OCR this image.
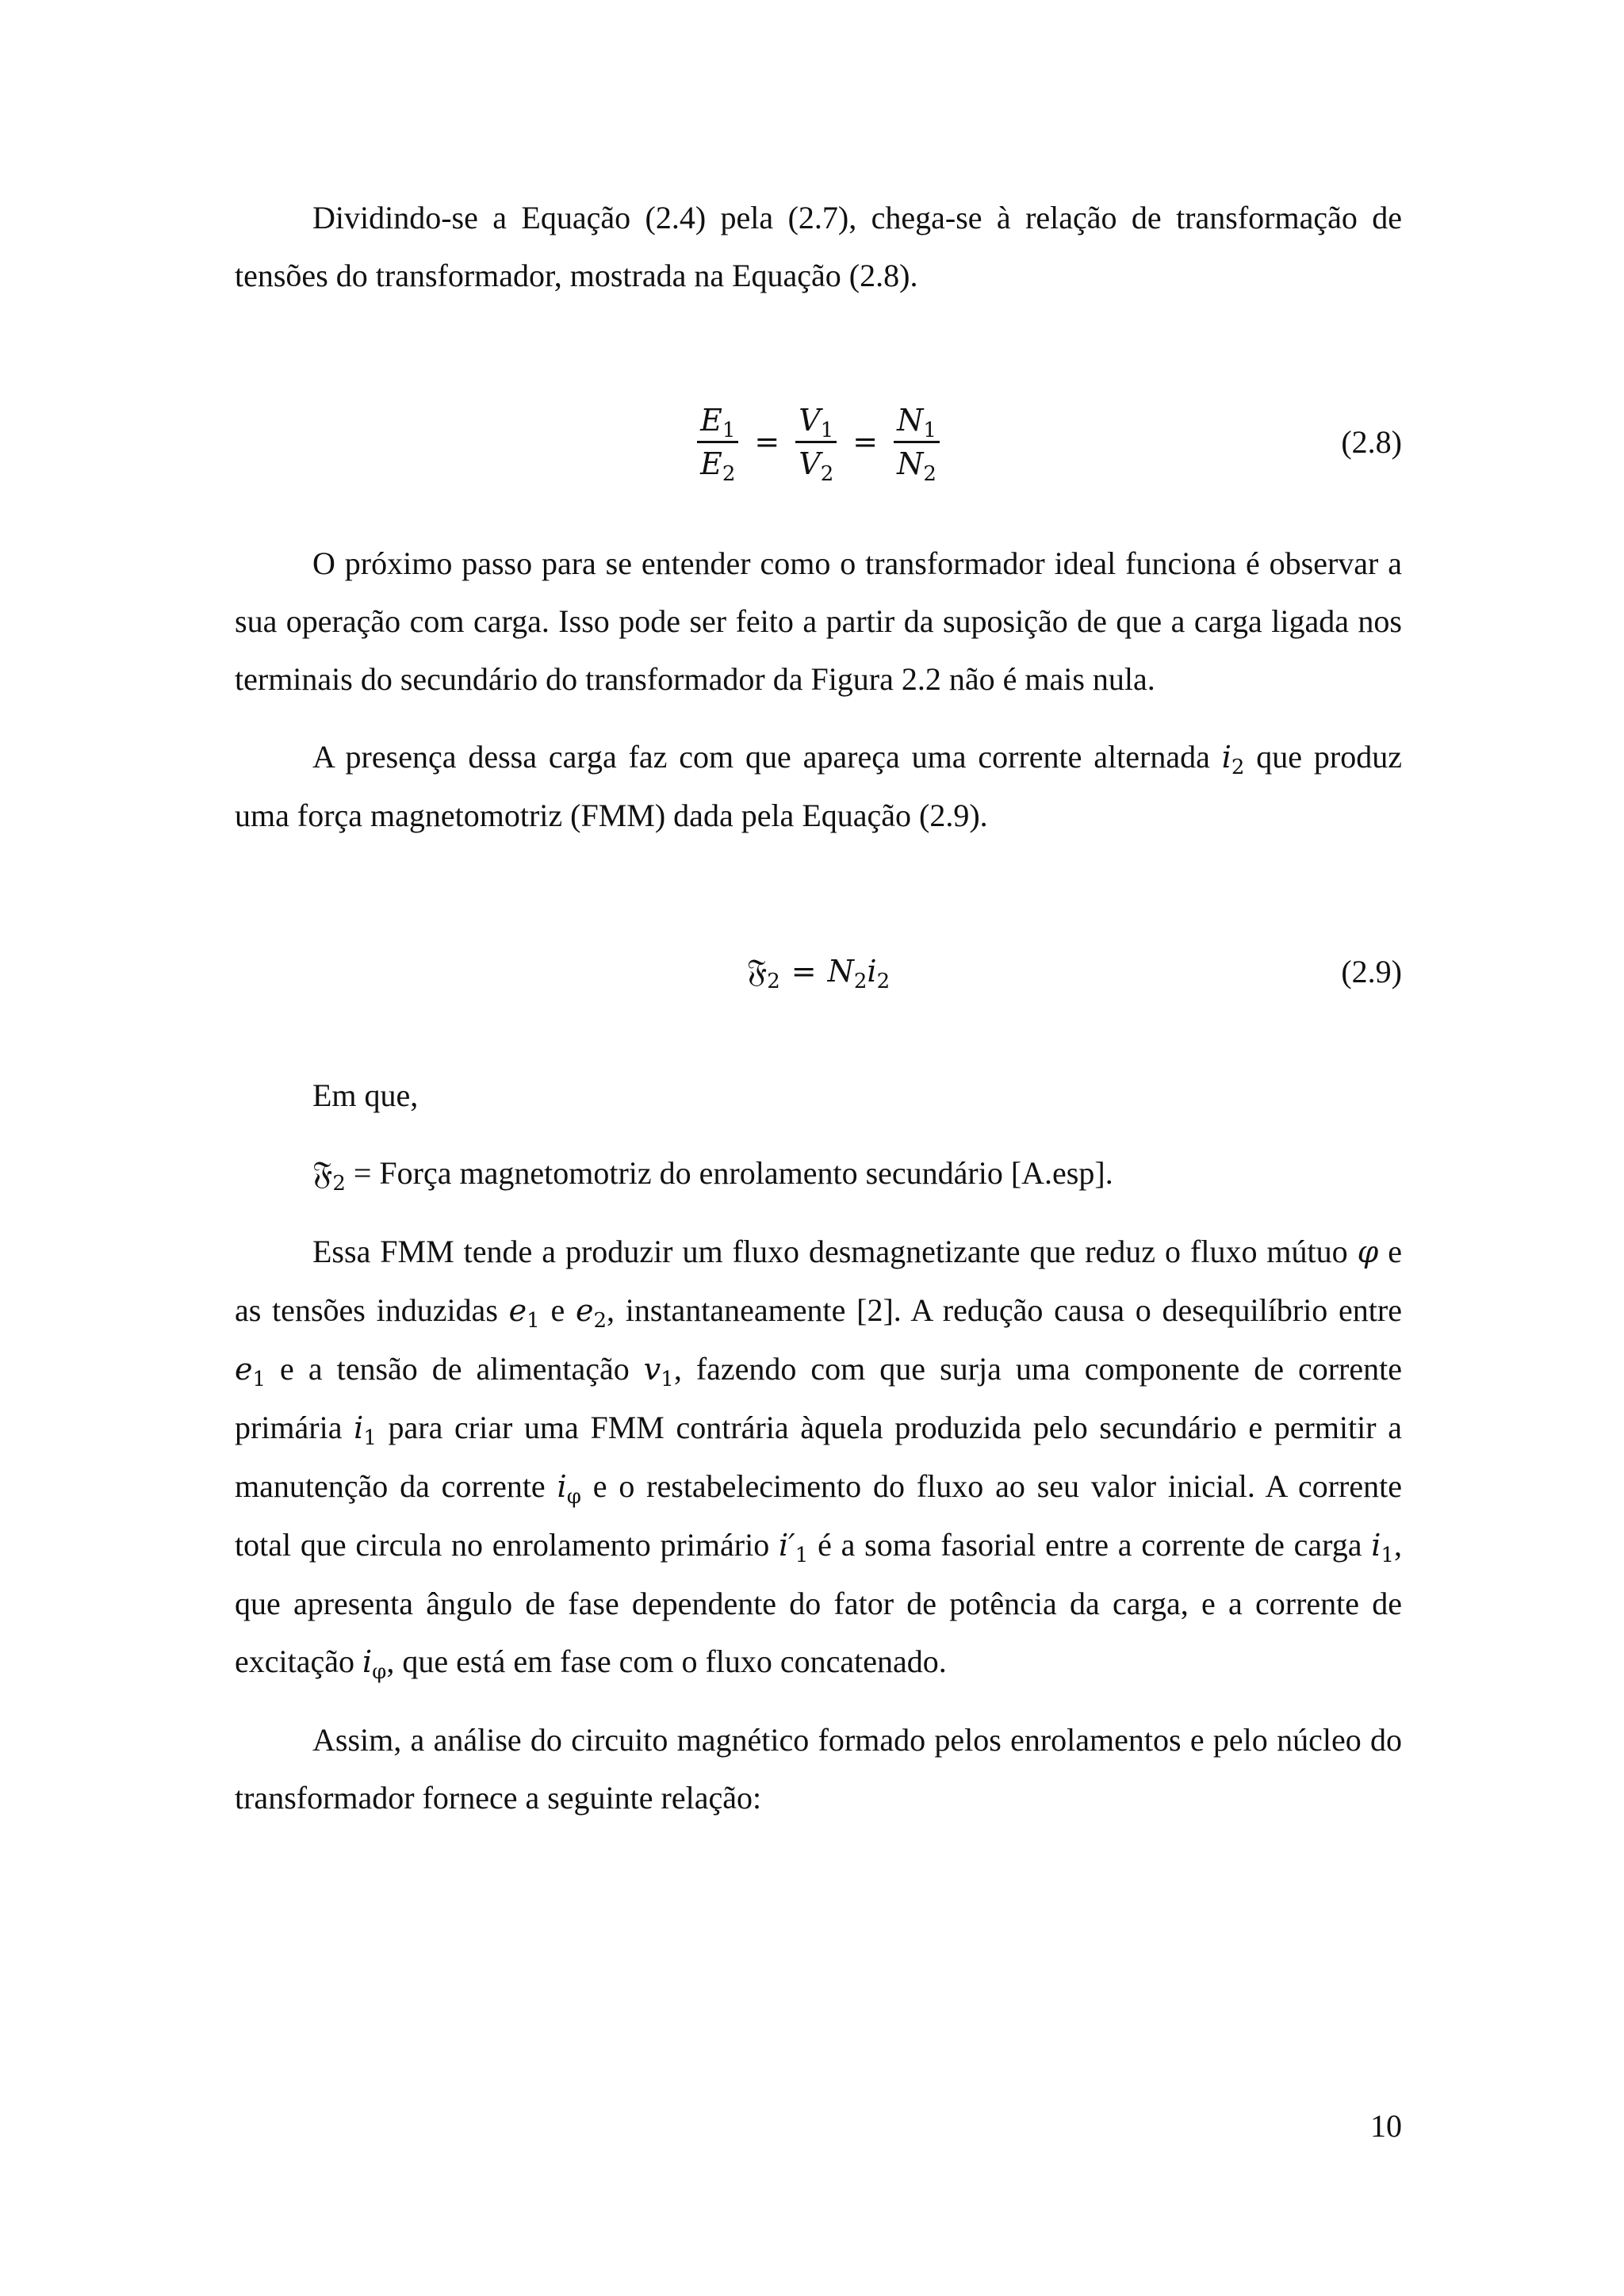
Dividindo-se a Equação (2.4) pela (2.7), chega-se à relação de transformação de tensões do transformador, mostrada na Equação (2.8).

$\frac{E_1}{E_2} = \frac{V_1}{V_2} = \frac{N_1}{N_2}$	(2.8)

O próximo passo para se entender como o transformador ideal funciona é observar a sua operação com carga. Isso pode ser feito a partir da suposição de que a carga ligada nos terminais do secundário do transformador da Figura 2.2 não é mais nula.

A presença dessa carga faz com que apareça uma corrente alternada $i_2$ que produz uma força magnetomotriz (FMM) dada pela Equação (2.9).

𝔉$_2$ = $N_2i_2$	(2.9)

Em que,

𝔉$_2$ = Força magnetomotriz do enrolamento secundário [A.esp].

Essa FMM tende a produzir um fluxo desmagnetizante que reduz o fluxo mútuo φ e as tensões induzidas $e_1$ e $e_2$, instantaneamente [2]. A redução causa o desequilíbrio entre $e_1$ e a tensão de alimentação $v_1$, fazendo com que surja uma componente de corrente primária $i_1$ para criar uma FMM contrária àquela produzida pelo secundário e permitir a manutenção da corrente $i_\varphi$ e o restabelecimento do fluxo ao seu valor inicial. A corrente total que circula no enrolamento primário $i'_1$ é a soma fasorial entre a corrente de carga $i_1$, que apresenta ângulo de fase dependente do fator de potência da carga, e a corrente de excitação $i_\varphi$, que está em fase com o fluxo concatenado.

Assim, a análise do circuito magnético formado pelos enrolamentos e pelo núcleo do transformador fornece a seguinte relação:

10
